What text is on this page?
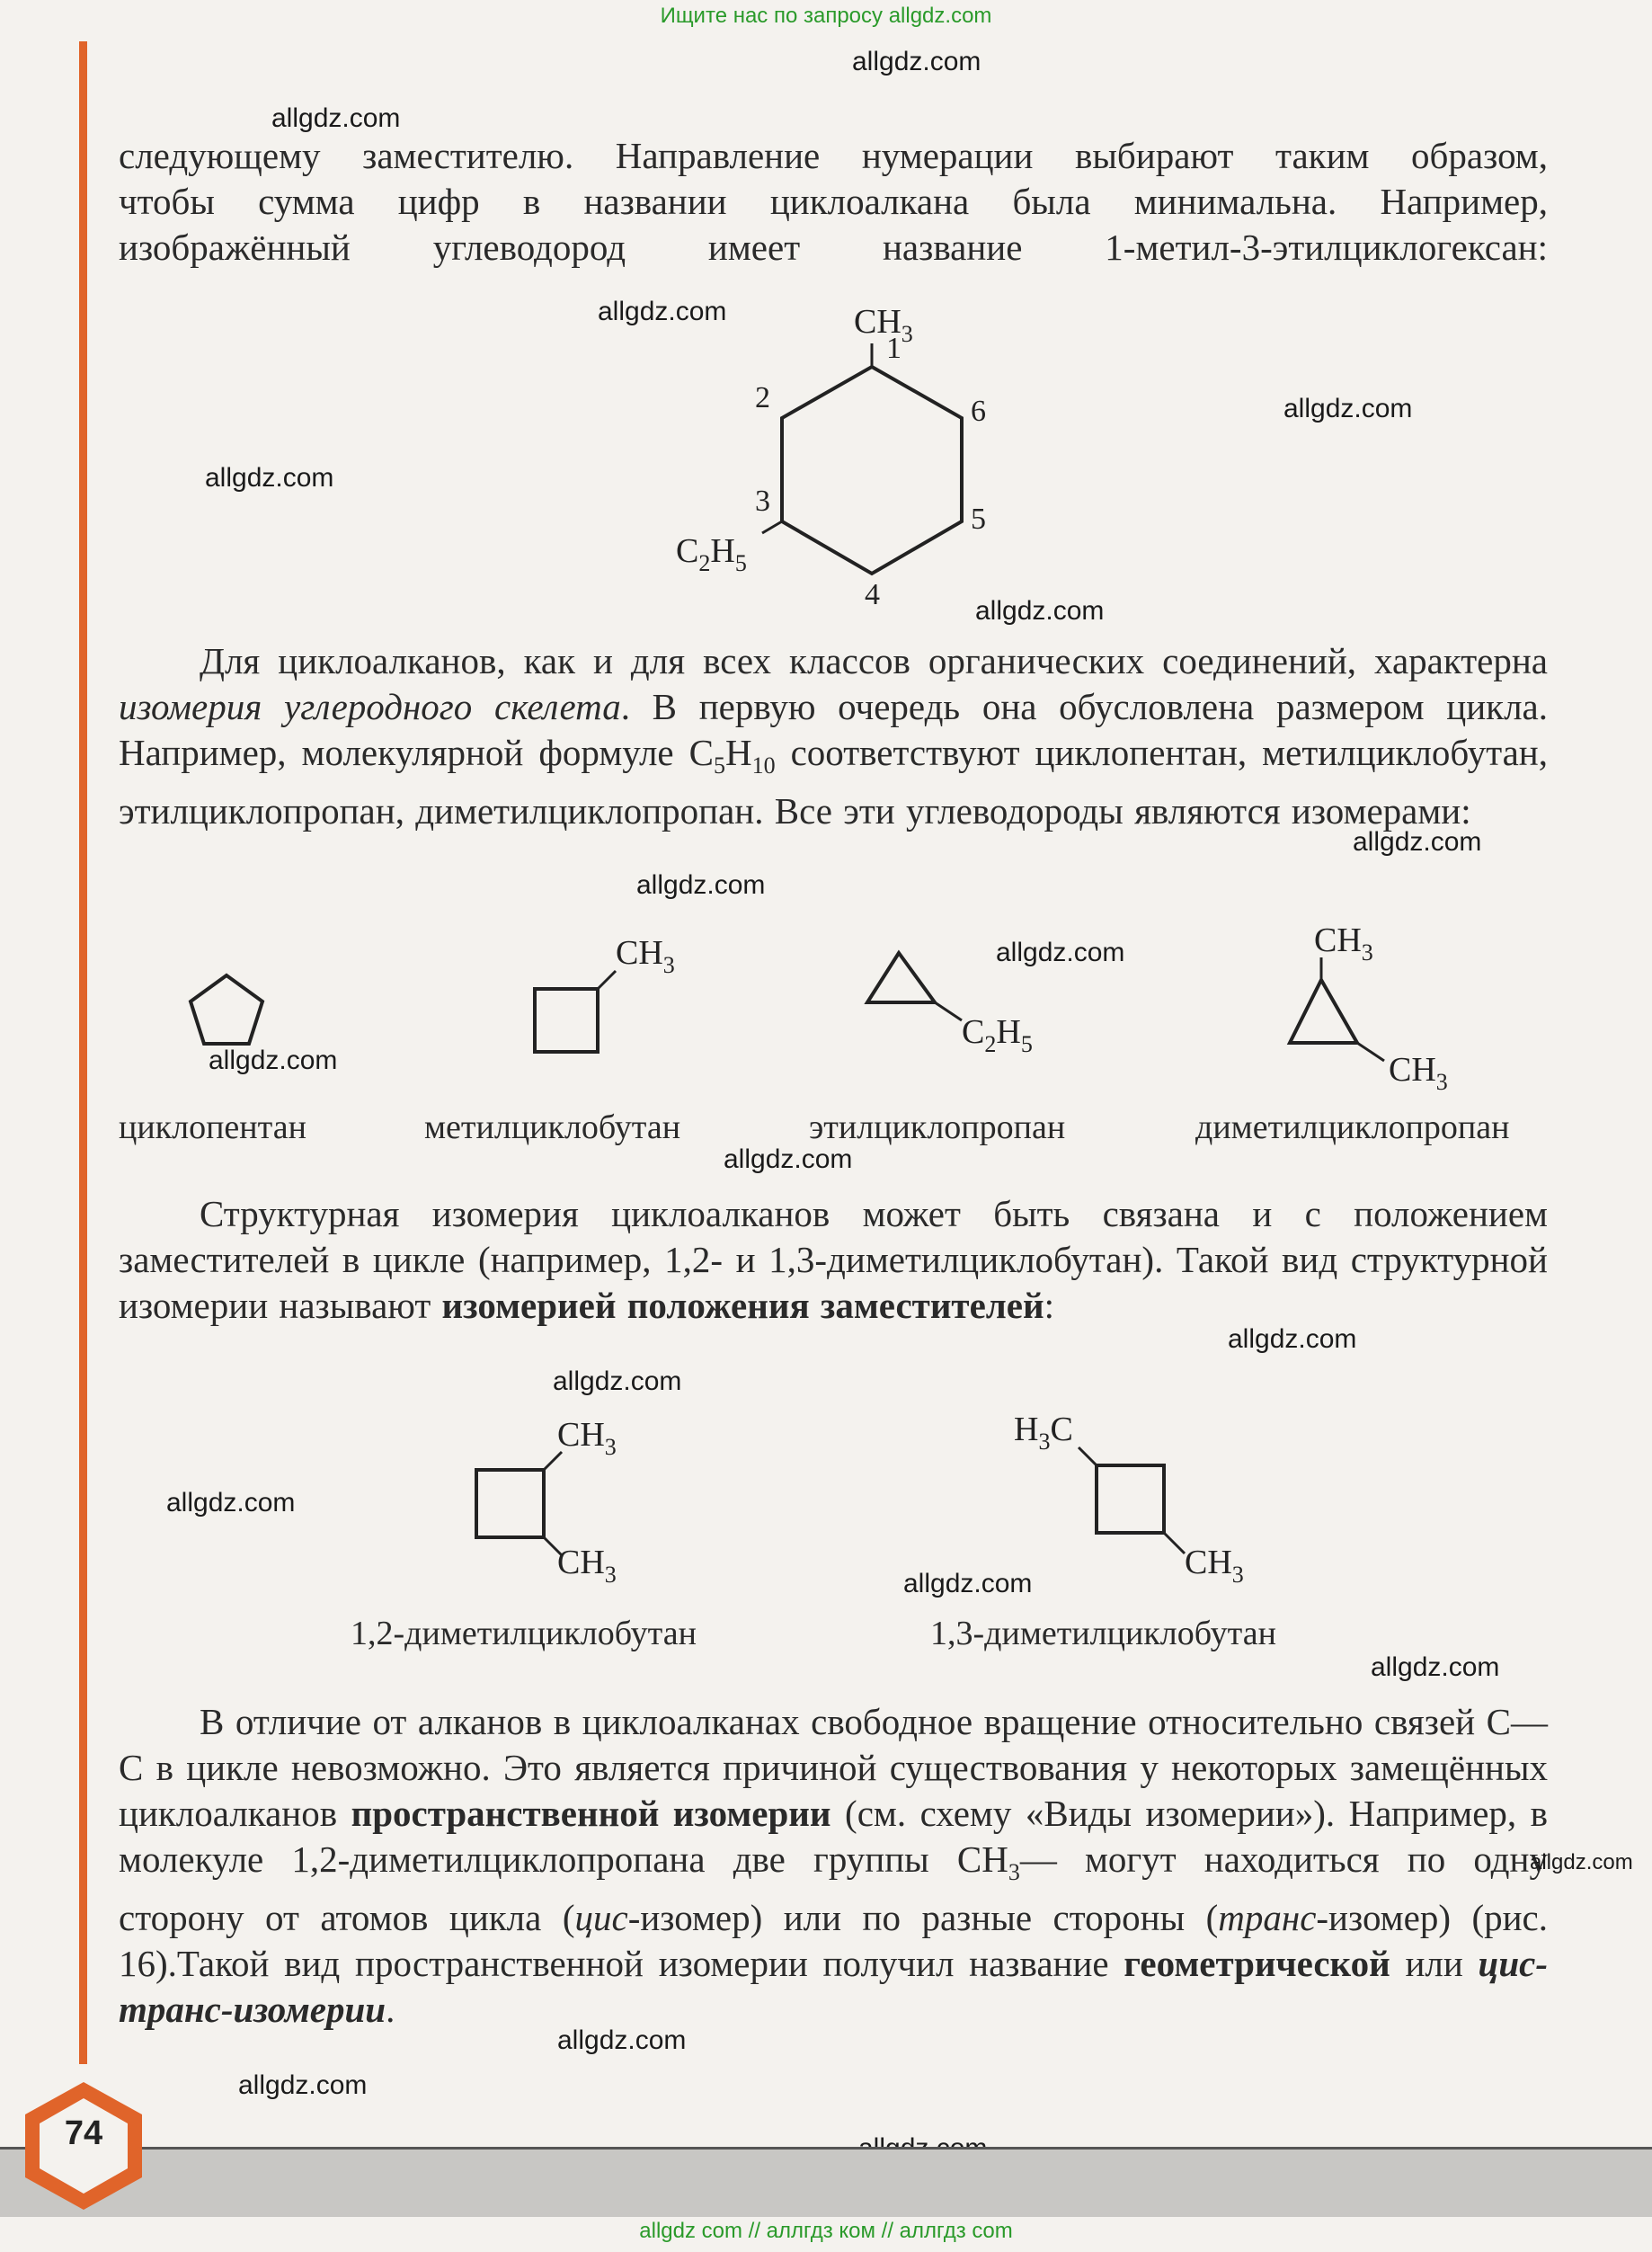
Ищите нас по запросу allgdz.com
следующему заместителю. Направление нумерации выбирают таким образом,
чтобы сумма цифр в названии циклоалкана была минимальна. Например,
изображённый углеводород имеет название 1-метил-3-этилциклогексан:
$CH_3$
$C_2H_5$
1
2
3
4
5
6
Для циклоалканов, как и для всех классов органических соединений, характерна изомерия углеродного скелета. В первую очередь она обусловлена размером цикла. Например, молекулярной формуле $C_5H_{10}$ соответствуют циклопентан, метилциклобутан, этилциклопропан, диметилциклопропан. Все эти углеводороды являются изомерами:
$CH_3$
$C_2H_5$
$CH_3$
$CH_3$
циклопентан	метилциклобутан	этилциклопропан	диметилциклопропан
Структурная изомерия циклоалканов может быть связана и с положением заместителей в цикле (например, 1,2- и 1,3-диметилциклобутан). Такой вид структурной изомерии называют изомерией положения заместителей:
$CH_3$
$CH_3$
$H_3C$
$CH_3$
1,2-диметилциклобутан	1,3-диметилциклобутан
В отличие от алканов в циклоалканах свободное вращение относительно связей C—C в цикле невозможно. Это является причиной существования у некоторых замещённых циклоалканов пространственной изомерии (см. схему «Виды изомерии»). Например, в молекуле 1,2-диметилциклопропана две группы $CH_3—$ могут находиться по одну сторону от атомов цикла (цис-изомер) или по разные стороны (транс-изомер) (рис. 16).Такой вид пространственной изомерии получил название геометрической или цис-транс-изомерии.
allgdz.com
allgdz.com
allgdz.com
allgdz.com
allgdz.com
allgdz.com
allgdz.com
allgdz.com
allgdz.com
allgdz.com
allgdz.com
allgdz.com
allgdz.com
allgdz.com
allgdz.com
allgdz.com
allgdz.com
allgdz.com
allgdz.com
74
allgdz com // аллгдз ком // аллгдз com
